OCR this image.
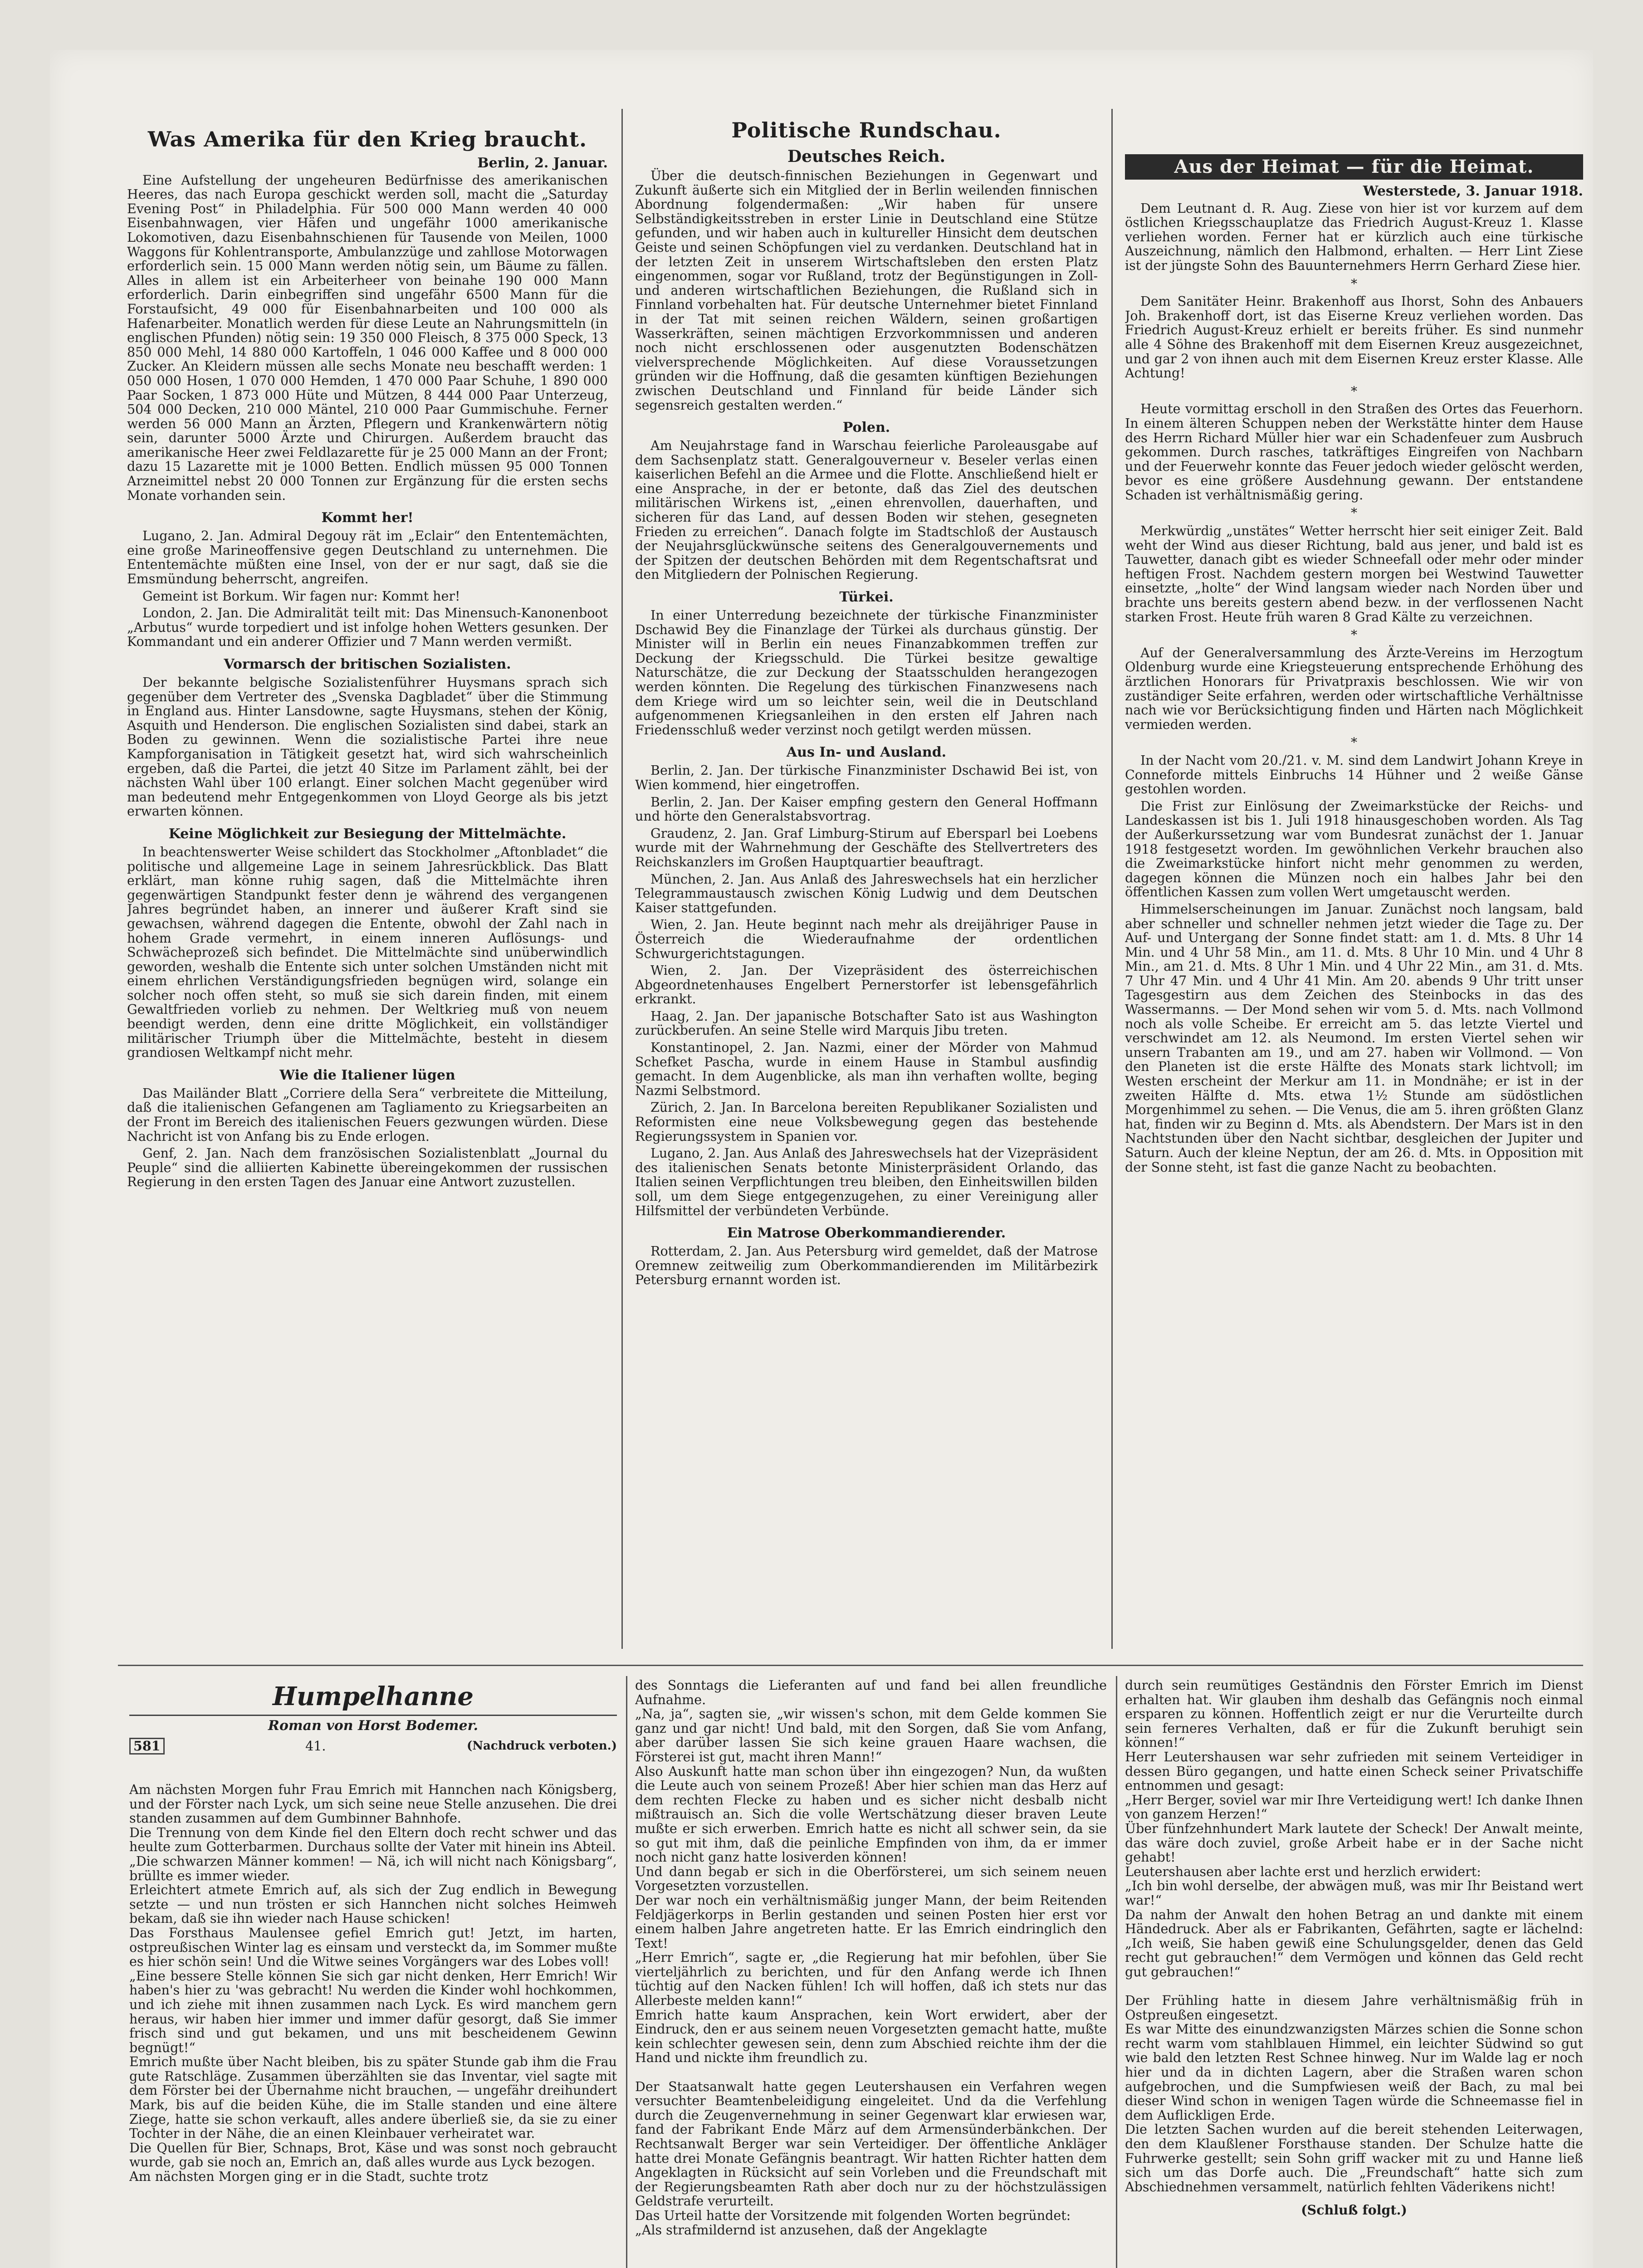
Was Amerika für den Krieg braucht.
Berlin, 2. Januar.

Eine Aufstellung der ungeheuren Bedürfnisse des amerikanischen Heeres, das nach Europa geschickt werden soll, macht die „Saturday Evening Post“ in Philadelphia. Für 500 000 Mann werden 40 000 Eisenbahnwagen, vier Häfen und ungefähr 1000 amerikanische Lokomotiven, dazu Eisenbahnschienen für Tausende von Meilen, 1000 Waggons für Kohlentransporte, Ambulanzzüge und zahllose Motorwagen erforderlich sein. 15 000 Mann werden nötig sein, um Bäume zu fällen. Alles in allem ist ein Arbeiterheer von beinahe 190 000 Mann erforderlich. Darin einbegriffen sind ungefähr 6500 Mann für die Forstaufsicht, 49 000 für Eisenbahnarbeiten und 100 000 als Hafenarbeiter. Monatlich werden für diese Leute an Nahrungsmitteln (in englischen Pfunden) nötig sein: 19 350 000 Fleisch, 8 375 000 Speck, 13 850 000 Mehl, 14 880 000 Kartoffeln, 1 046 000 Kaffee und 8 000 000 Zucker. An Kleidern müssen alle sechs Monate neu beschafft werden: 1 050 000 Hosen, 1 070 000 Hemden, 1 470 000 Paar Schuhe, 1 890 000 Paar Socken, 1 873 000 Hüte und Mützen, 8 444 000 Paar Unterzeug, 504 000 Decken, 210 000 Mäntel, 210 000 Paar Gummischuhe. Ferner werden 56 000 Mann an Ärzten, Pflegern und Krankenwärtern nötig sein, darunter 5000 Ärzte und Chirurgen. Außerdem braucht das amerikanische Heer zwei Feldlazarette für je 25 000 Mann an der Front; dazu 15 Lazarette mit je 1000 Betten. Endlich müssen 95 000 Tonnen Arzneimittel nebst 20 000 Tonnen zur Ergänzung für die ersten sechs Monate vorhanden sein.

Kommt her!

Lugano, 2. Jan. Admiral Degouy rät im „Eclair“ den Ententemächten, eine große Marineoffensive gegen Deutschland zu unternehmen. Die Ententemächte müßten eine Insel, von der er nur sagt, daß sie die Emsmündung beherrscht, angreifen.

Gemeint ist Borkum. Wir fagen nur: Kommt her!

London, 2. Jan. Die Admiralität teilt mit: Das Minensuch-Kanonenboot „Arbutus“ wurde torpediert und ist infolge hohen Wetters gesunken. Der Kommandant und ein anderer Offizier und 7 Mann werden vermißt.

Vormarsch der britischen Sozialisten.

Der bekannte belgische Sozialistenführer Huysmans sprach sich gegenüber dem Vertreter des „Svenska Dagbladet“ über die Stimmung in England aus. Hinter Lansdowne, sagte Huysmans, stehen der König, Asquith und Henderson. Die englischen Sozialisten sind dabei, stark an Boden zu gewinnen. Wenn die sozialistische Partei ihre neue Kampforganisation in Tätigkeit gesetzt hat, wird sich wahrscheinlich ergeben, daß die Partei, die jetzt 40 Sitze im Parlament zählt, bei der nächsten Wahl über 100 erlangt. Einer solchen Macht gegenüber wird man bedeutend mehr Entgegenkommen von Lloyd George als bis jetzt erwarten können.

Keine Möglichkeit zur Besiegung der Mittelmächte.

In beachtenswerter Weise schildert das Stockholmer „Aftonbladet“ die politische und allgemeine Lage in seinem Jahresrückblick. Das Blatt erklärt, man könne ruhig sagen, daß die Mittelmächte ihren gegenwärtigen Standpunkt fester denn je während des vergangenen Jahres begründet haben, an innerer und äußerer Kraft sind sie gewachsen, während dagegen die Entente, obwohl der Zahl nach in hohem Grade vermehrt, in einem inneren Auflösungs- und Schwächeprozeß sich befindet. Die Mittelmächte sind unüberwindlich geworden, weshalb die Entente sich unter solchen Umständen nicht mit einem ehrlichen Verständigungsfrieden begnügen wird, solange ein solcher noch offen steht, so muß sie sich darein finden, mit einem Gewaltfrieden vorlieb zu nehmen. Der Weltkrieg muß von neuem beendigt werden, denn eine dritte Möglichkeit, ein vollständiger militärischer Triumph über die Mittelmächte, besteht in diesem grandiosen Weltkampf nicht mehr.

Wie die Italiener lügen

Das Mailänder Blatt „Corriere della Sera“ verbreitete die Mitteilung, daß die italienischen Gefangenen am Tagliamento zu Kriegsarbeiten an der Front im Bereich des italienischen Feuers gezwungen würden. Diese Nachricht ist von Anfang bis zu Ende erlogen.

Genf, 2. Jan. Nach dem französischen Sozialistenblatt „Journal du Peuple“ sind die alliierten Kabinette übereingekommen der russischen Regierung in den ersten Tagen des Januar eine Antwort zuzustellen.

Politische Rundschau.
Deutsches Reich.

Über die deutsch-finnischen Beziehungen in Gegenwart und Zukunft äußerte sich ein Mitglied der in Berlin weilenden finnischen Abordnung folgendermaßen: „Wir haben für unsere Selbständigkeitsstreben in erster Linie in Deutschland eine Stütze gefunden, und wir haben auch in kultureller Hinsicht dem deutschen Geiste und seinen Schöpfungen viel zu verdanken. Deutschland hat in der letzten Zeit in unserem Wirtschaftsleben den ersten Platz eingenommen, sogar vor Rußland, trotz der Begünstigungen in Zoll- und anderen wirtschaftlichen Beziehungen, die Rußland sich in Finnland vorbehalten hat. Für deutsche Unternehmer bietet Finnland in der Tat mit seinen reichen Wäldern, seinen großartigen Wasserkräften, seinen mächtigen Erzvorkommnissen und anderen noch nicht erschlossenen oder ausgenutzten Bodenschätzen vielversprechende Möglichkeiten. Auf diese Voraussetzungen gründen wir die Hoffnung, daß die gesamten künftigen Beziehungen zwischen Deutschland und Finnland für beide Länder sich segensreich gestalten werden.“

Polen.

Am Neujahrstage fand in Warschau feierliche Paroleausgabe auf dem Sachsenplatz statt. Generalgouverneur v. Beseler verlas einen kaiserlichen Befehl an die Armee und die Flotte. Anschließend hielt er eine Ansprache, in der er betonte, daß das Ziel des deutschen militärischen Wirkens ist, „einen ehrenvollen, dauerhaften, und sicheren für das Land, auf dessen Boden wir stehen, gesegneten Frieden zu erreichen“. Danach folgte im Stadtschloß der Austausch der Neujahrsglückwünsche seitens des Generalgouvernements und der Spitzen der deutschen Behörden mit dem Regentschaftsrat und den Mitgliedern der Polnischen Regierung.

Türkei.

In einer Unterredung bezeichnete der türkische Finanzminister Dschawid Bey die Finanzlage der Türkei als durchaus günstig. Der Minister will in Berlin ein neues Finanzabkommen treffen zur Deckung der Kriegsschuld. Die Türkei besitze gewaltige Naturschätze, die zur Deckung der Staatsschulden herangezogen werden könnten. Die Regelung des türkischen Finanzwesens nach dem Kriege wird um so leichter sein, weil die in Deutschland aufgenommenen Kriegsanleihen in den ersten elf Jahren nach Friedensschluß weder verzinst noch getilgt werden müssen.

Aus In- und Ausland.

Berlin, 2. Jan. Der türkische Finanzminister Dschawid Bei ist, von Wien kommend, hier eingetroffen.

Berlin, 2. Jan. Der Kaiser empfing gestern den General Hoffmann und hörte den Generalstabsvortrag.

Graudenz, 2. Jan. Graf Limburg-Stirum auf Ebersparl bei Loebens wurde mit der Wahrnehmung der Geschäfte des Stellvertreters des Reichskanzlers im Großen Hauptquartier beauftragt.

München, 2. Jan. Aus Anlaß des Jahreswechsels hat ein herzlicher Telegrammaustausch zwischen König Ludwig und dem Deutschen Kaiser stattgefunden.

Wien, 2. Jan. Heute beginnt nach mehr als dreijähriger Pause in Österreich die Wiederaufnahme der ordentlichen Schwurgerichtstagungen.

Wien, 2. Jan. Der Vizepräsident des österreichischen Abgeordnetenhauses Engelbert Pernerstorfer ist lebensgefährlich erkrankt.

Haag, 2. Jan. Der japanische Botschafter Sato ist aus Washington zurückberufen. An seine Stelle wird Marquis Jibu treten.

Konstantinopel, 2. Jan. Nazmi, einer der Mörder von Mahmud Schefket Pascha, wurde in einem Hause in Stambul ausfindig gemacht. In dem Augenblicke, als man ihn verhaften wollte, beging Nazmi Selbstmord.

Zürich, 2. Jan. In Barcelona bereiten Republikaner Sozialisten und Reformisten eine neue Volksbewegung gegen das bestehende Regierungssystem in Spanien vor.

Lugano, 2. Jan. Aus Anlaß des Jahreswechsels hat der Vizepräsident des italienischen Senats betonte Ministerpräsident Orlando, das Italien seinen Verpflichtungen treu bleiben, den Einheitswillen bilden soll, um dem Siege entgegenzugehen, zu einer Vereinigung aller Hilfsmittel der verbündeten Verbünde.

Ein Matrose Oberkommandierender.

Rotterdam, 2. Jan. Aus Petersburg wird gemeldet, daß der Matrose Oremnew zeitweilig zum Oberkommandierenden im Militärbezirk Petersburg ernannt worden ist.

Aus der Heimat — für die Heimat.
Westerstede, 3. Januar 1918.

Dem Leutnant d. R. Aug. Ziese von hier ist vor kurzem auf dem östlichen Kriegsschauplatze das Friedrich August-Kreuz 1. Klasse verliehen worden. Ferner hat er kürzlich auch eine türkische Auszeichnung, nämlich den Halbmond, erhalten. — Herr Lint Ziese ist der jüngste Sohn des Bauunternehmers Herrn Gerhard Ziese hier.

*

Dem Sanitäter Heinr. Brakenhoff aus Ihorst, Sohn des Anbauers Joh. Brakenhoff dort, ist das Eiserne Kreuz verliehen worden. Das Friedrich August-Kreuz erhielt er bereits früher. Es sind nunmehr alle 4 Söhne des Brakenhoff mit dem Eisernen Kreuz ausgezeichnet, und gar 2 von ihnen auch mit dem Eisernen Kreuz erster Klasse. Alle Achtung!

*

Heute vormittag erscholl in den Straßen des Ortes das Feuerhorn. In einem älteren Schuppen neben der Werkstätte hinter dem Hause des Herrn Richard Müller hier war ein Schadenfeuer zum Ausbruch gekommen. Durch rasches, tatkräftiges Eingreifen von Nachbarn und der Feuerwehr konnte das Feuer jedoch wieder gelöscht werden, bevor es eine größere Ausdehnung gewann. Der entstandene Schaden ist verhältnismäßig gering.

*

Merkwürdig „unstätes“ Wetter herrscht hier seit einiger Zeit. Bald weht der Wind aus dieser Richtung, bald aus jener, und bald ist es Tauwetter, danach gibt es wieder Schneefall oder mehr oder minder heftigen Frost. Nachdem gestern morgen bei Westwind Tauwetter einsetzte, „holte“ der Wind langsam wieder nach Norden über und brachte uns bereits gestern abend bezw. in der verflossenen Nacht starken Frost. Heute früh waren 8 Grad Kälte zu verzeichnen.

*

Auf der Generalversammlung des Ärzte-Vereins im Herzogtum Oldenburg wurde eine Kriegsteuerung entsprechende Erhöhung des ärztlichen Honorars für Privatpraxis beschlossen. Wie wir von zuständiger Seite erfahren, werden oder wirtschaftliche Verhältnisse nach wie vor Berücksichtigung finden und Härten nach Möglichkeit vermieden werden.

*

In der Nacht vom 20./21. v. M. sind dem Landwirt Johann Kreye in Conneforde mittels Einbruchs 14 Hühner und 2 weiße Gänse gestohlen worden.

Die Frist zur Einlösung der Zweimarkstücke der Reichs- und Landeskassen ist bis 1. Juli 1918 hinausgeschoben worden. Als Tag der Außerkurssetzung war vom Bundesrat zunächst der 1. Januar 1918 festgesetzt worden. Im gewöhnlichen Verkehr brauchen also die Zweimarkstücke hinfort nicht mehr genommen zu werden, dagegen können die Münzen noch ein halbes Jahr bei den öffentlichen Kassen zum vollen Wert umgetauscht werden.

Himmelserscheinungen im Januar. Zunächst noch langsam, bald aber schneller und schneller nehmen jetzt wieder die Tage zu. Der Auf- und Untergang der Sonne findet statt: am 1. d. Mts. 8 Uhr 14 Min. und 4 Uhr 58 Min., am 11. d. Mts. 8 Uhr 10 Min. und 4 Uhr 8 Min., am 21. d. Mts. 8 Uhr 1 Min. und 4 Uhr 22 Min., am 31. d. Mts. 7 Uhr 47 Min. und 4 Uhr 41 Min. Am 20. abends 9 Uhr tritt unser Tagesgestirn aus dem Zeichen des Steinbocks in das des Wassermanns. — Der Mond sehen wir vom 5. d. Mts. nach Vollmond noch als volle Scheibe. Er erreicht am 5. das letzte Viertel und verschwindet am 12. als Neumond. Im ersten Viertel sehen wir unsern Trabanten am 19., und am 27. haben wir Vollmond. — Von den Planeten ist die erste Hälfte des Monats stark lichtvoll; im Westen erscheint der Merkur am 11. in Mondnähe; er ist in der zweiten Hälfte d. Mts. etwa 1½ Stunde am südöstlichen Morgenhimmel zu sehen. — Die Venus, die am 5. ihren größten Glanz hat, finden wir zu Beginn d. Mts. als Abendstern. Der Mars ist in den Nachtstunden über den Nacht sichtbar, desgleichen der Jupiter und Saturn. Auch der kleine Neptun, der am 26. d. Mts. in Opposition mit der Sonne steht, ist fast die ganze Nacht zu beobachten.

Humpelhanne
Roman von Horst Bodemer.
581	41.	(Nachdruck verboten.)
Am nächsten Morgen fuhr Frau Emrich mit Hannchen nach Königsberg, und der Förster nach Lyck, um sich seine neue Stelle anzusehen. Die drei standen zusammen auf dem Gumbinner Bahnhofe.
Die Trennung von dem Kinde fiel den Eltern doch recht schwer und das heulte zum Gotterbarmen. Durchaus sollte der Vater mit hinein ins Abteil.
„Die schwarzen Männer kommen! — Nä, ich will nicht nach Königsbarg“, brüllte es immer wieder.
Erleichtert atmete Emrich auf, als sich der Zug endlich in Bewegung setzte — und nun trösten er sich Hannchen nicht solches Heimweh bekam, daß sie ihn wieder nach Hause schicken!
Das Forsthaus Maulensee gefiel Emrich gut! Jetzt, im harten, ostpreußischen Winter lag es einsam und versteckt da, im Sommer mußte es hier schön sein! Und die Witwe seines Vorgängers war des Lobes voll!
„Eine bessere Stelle können Sie sich gar nicht denken, Herr Emrich! Wir haben's hier zu 'was gebracht! Nu werden die Kinder wohl hochkommen, und ich ziehe mit ihnen zusammen nach Lyck. Es wird manchem gern heraus, wir haben hier immer und immer dafür gesorgt, daß Sie immer frisch sind und gut bekamen, und uns mit bescheidenem Gewinn begnügt!“
Emrich mußte über Nacht bleiben, bis zu später Stunde gab ihm die Frau gute Ratschläge. Zusammen überzählten sie das Inventar, viel sagte mit dem Förster bei der Übernahme nicht brauchen, — ungefähr dreihundert Mark, bis auf die beiden Kühe, die im Stalle standen und eine ältere Ziege, hatte sie schon verkauft, alles andere überließ sie, da sie zu einer Tochter in der Nähe, die an einen Kleinbauer verheiratet war.
Die Quellen für Bier, Schnaps, Brot, Käse und was sonst noch gebraucht wurde, gab sie noch an, Emrich an, daß alles wurde aus Lyck bezogen.
Am nächsten Morgen ging er in die Stadt, suchte trotz
des Sonntags die Lieferanten auf und fand bei allen freundliche Aufnahme.
„Na, ja“, sagten sie, „wir wissen's schon, mit dem Gelde kommen Sie ganz und gar nicht! Und bald, mit den Sorgen, daß Sie vom Anfang, aber darüber lassen Sie sich keine grauen Haare wachsen, die Försterei ist gut, macht ihren Mann!“
Also Auskunft hatte man schon über ihn eingezogen? Nun, da wußten die Leute auch von seinem Prozeß! Aber hier schien man das Herz auf dem rechten Flecke zu haben und es sicher nicht desbalb nicht mißtrauisch an. Sich die volle Wertschätzung dieser braven Leute mußte er sich erwerben. Emrich hatte es nicht all schwer sein, da sie so gut mit ihm, daß die peinliche Empfinden von ihm, da er immer noch nicht ganz hatte losiverden können!
Und dann begab er sich in die Oberförsterei, um sich seinem neuen Vorgesetzten vorzustellen.
Der war noch ein verhältnismäßig junger Mann, der beim Reitenden Feldjägerkorps in Berlin gestanden und seinen Posten hier erst vor einem halben Jahre angetreten hatte. Er las Emrich eindringlich den Text!
„Herr Emrich“, sagte er, „die Regierung hat mir befohlen, über Sie vierteljährlich zu berichten, und für den Anfang werde ich Ihnen tüchtig auf den Nacken fühlen! Ich will hoffen, daß ich stets nur das Allerbeste melden kann!“
Emrich hatte kaum Ansprachen, kein Wort erwidert, aber der Eindruck, den er aus seinem neuen Vorgesetzten gemacht hatte, mußte kein schlechter gewesen sein, denn zum Abschied reichte ihm der die Hand und nickte ihm freundlich zu.

Der Staatsanwalt hatte gegen Leutershausen ein Verfahren wegen versuchter Beamtenbeleidigung eingeleitet. Und da die Verfehlung durch die Zeugenvernehmung in seiner Gegenwart klar erwiesen war, fand der Fabrikant Ende März auf dem Armensünderbänkchen. Der Rechtsanwalt Berger war sein Verteidiger. Der öffentliche Ankläger hatte drei Monate Gefängnis beantragt. Wir hatten Richter hatten dem Angeklagten in Rücksicht auf sein Vorleben und die Freundschaft mit der Regierungsbeamten Rath aber doch nur zu der höchstzulässigen Geldstrafe verurteilt.
Das Urteil hatte der Vorsitzende mit folgenden Worten begründet:
„Als strafmildernd ist anzusehen, daß der Angeklagte
durch sein reumütiges Geständnis den Förster Emrich im Dienst erhalten hat. Wir glauben ihm deshalb das Gefängnis noch einmal ersparen zu können. Hoffentlich zeigt er nur die Verurteilte durch sein ferneres Verhalten, daß er für die Zukunft beruhigt sein können!“
Herr Leutershausen war sehr zufrieden mit seinem Verteidiger in dessen Büro gegangen, und hatte einen Scheck seiner Privatschiffe entnommen und gesagt:
„Herr Berger, soviel war mir Ihre Verteidigung wert! Ich danke Ihnen von ganzem Herzen!“
Über fünfzehnhundert Mark lautete der Scheck! Der Anwalt meinte, das wäre doch zuviel, große Arbeit habe er in der Sache nicht gehabt!
Leutershausen aber lachte erst und herzlich erwidert:
„Ich bin wohl derselbe, der abwägen muß, was mir Ihr Beistand wert war!“
Da nahm der Anwalt den hohen Betrag an und dankte mit einem Händedruck. Aber als er Fabrikanten, Gefährten, sagte er lächelnd: „Ich weiß, Sie haben gewiß eine Schulungsgelder, denen das Geld recht gut gebrauchen!“ dem Vermögen und können das Geld recht gut gebrauchen!“

Der Frühling hatte in diesem Jahre verhältnismäßig früh in Ostpreußen eingesetzt.
Es war Mitte des einundzwanzigsten Märzes schien die Sonne schon recht warm vom stahlblauen Himmel, ein leichter Südwind so gut wie bald den letzten Rest Schnee hinweg. Nur im Walde lag er noch hier und da in dichten Lagern, aber die Straßen waren schon aufgebrochen, und die Sumpfwiesen weiß der Bach, zu mal bei dieser Wind schon in wenigen Tagen würde die Schneemasse fiel in dem Auflickligen Erde.
Die letzten Sachen wurden auf die bereit stehenden Leiterwagen, den dem Klaußlener Forsthause standen. Der Schulze hatte die Fuhrwerke gestellt; sein Sohn griff wacker mit zu und Hanne ließ sich um das Dorfe auch. Die „Freundschaft“ hatte sich zum Abschiednehmen versammelt, natürlich fehlten Väderikens nicht!
(Schluß folgt.)
